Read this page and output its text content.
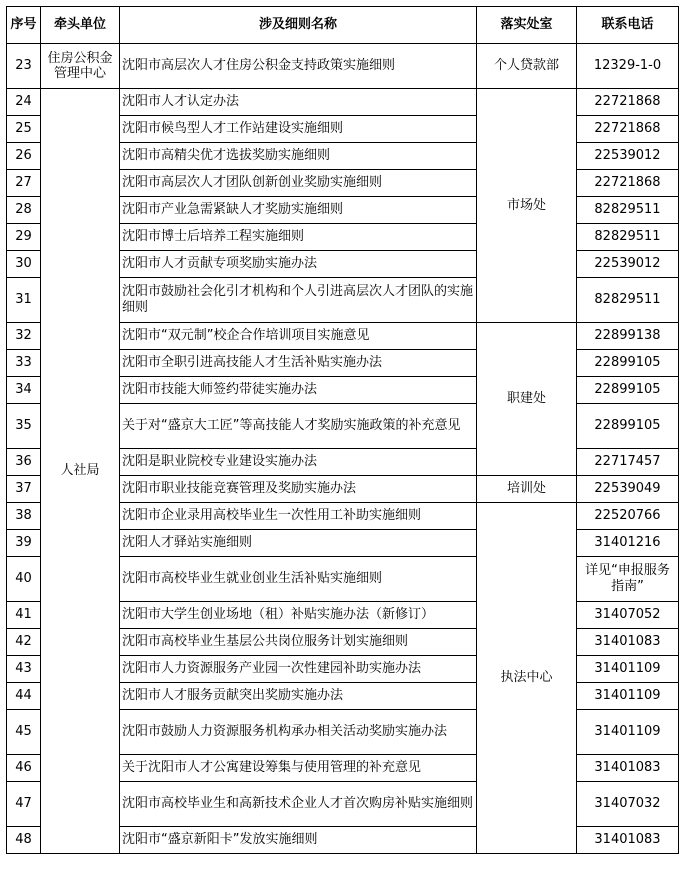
序号	牵头单位	涉及细则名称	落实处室	联系电话
23	住房公积金管理中心	沈阳市高层次人才住房公积金支持政策实施细则	个人贷款部	12329-1-0
24	人社局	沈阳市人才认定办法	市场处	22721868
25		沈阳市候鸟型人才工作站建设实施细则		22721868
26		沈阳市高精尖优才选拔奖励实施细则		22539012
27		沈阳市高层次人才团队创新创业奖励实施细则		22721868
28		沈阳市产业急需紧缺人才奖励实施细则		82829511
29		沈阳市博士后培养工程实施细则		82829511
30		沈阳市人才贡献专项奖励实施办法		22539012
31		沈阳市鼓励社会化引才机构和个人引进高层次人才团队的实施细则		82829511
32		沈阳市“双元制”校企合作培训项目实施意见	职建处	22899138
33		沈阳市全职引进高技能人才生活补贴实施办法		22899105
34		沈阳市技能大师签约带徒实施办法		22899105
35		关于对“盛京大工匠”等高技能人才奖励实施政策的补充意见		22899105
36		沈阳是职业院校专业建设实施办法		22717457
37		沈阳市职业技能竞赛管理及奖励实施办法	培训处	22539049
38		沈阳市企业录用高校毕业生一次性用工补助实施细则	执法中心	22520766
39		沈阳人才驿站实施细则		31401216
40		沈阳市高校毕业生就业创业生活补贴实施细则		详见“申报服务指南”
41		沈阳市大学生创业场地（租）补贴实施办法（新修订）		31407052
42		沈阳市高校毕业生基层公共岗位服务计划实施细则		31401083
43		沈阳市人力资源服务产业园一次性建园补助实施办法		31401109
44		沈阳市人才服务贡献突出奖励实施办法		31401109
45		沈阳市鼓励人力资源服务机构承办相关活动奖励实施办法		31401109
46		关于沈阳市人才公寓建设筹集与使用管理的补充意见		31401083
47		沈阳市高校毕业生和高新技术企业人才首次购房补贴实施细则		31407032
48		沈阳市“盛京新阳卡”发放实施细则		31401083
